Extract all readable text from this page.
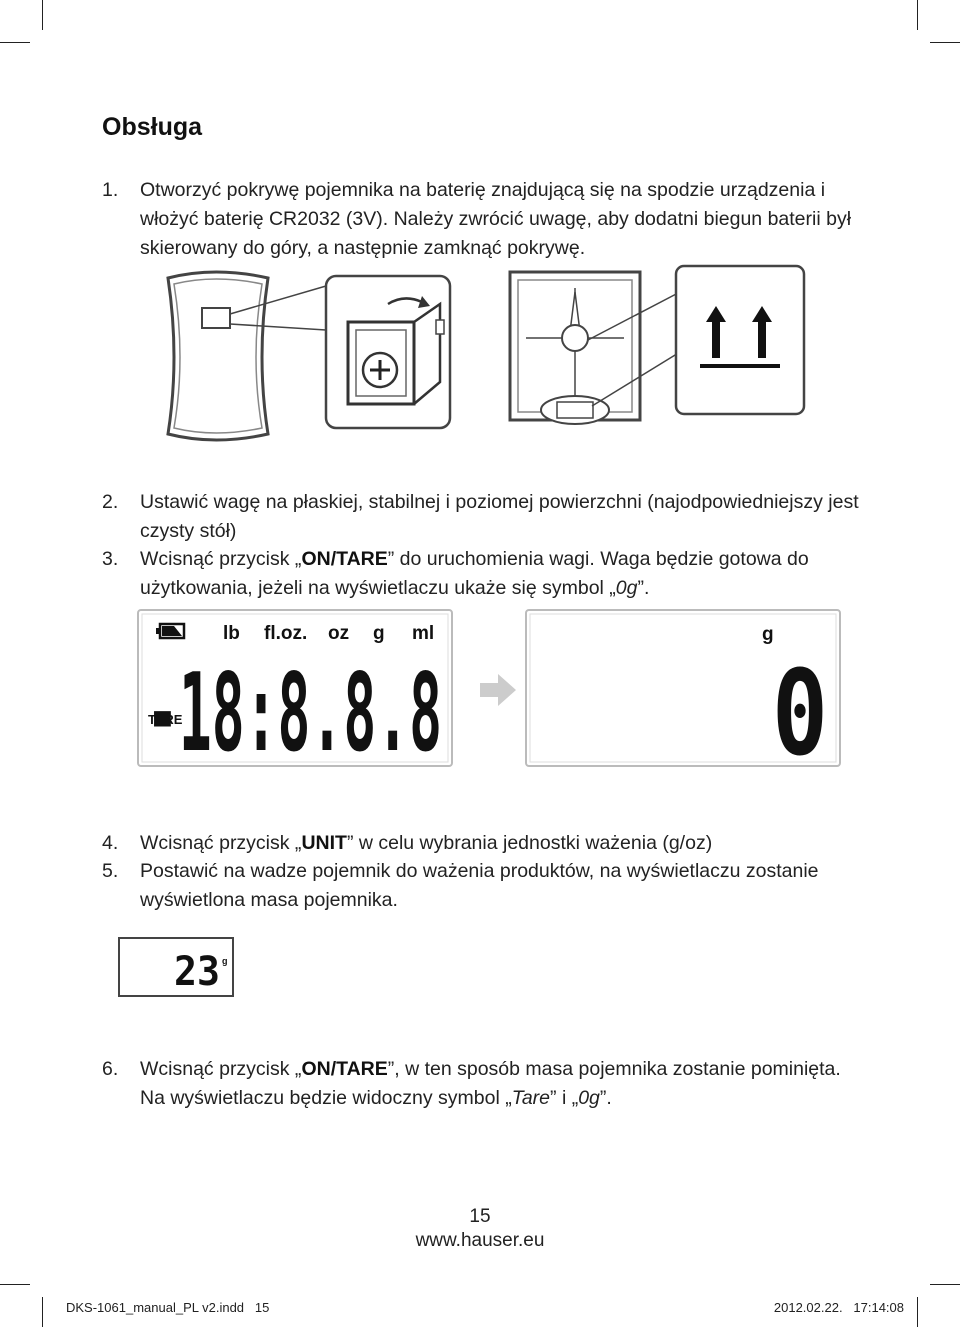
Obsługa
1. Otworzyć pokrywę pojemnika na baterię znajdującą się na spodzie urządzenia i włożyć baterię CR2032 (3V). Należy zwrócić uwagę, aby dodatni biegun baterii był skierowany do góry, a następnie zamknąć pokrywę.
2. Ustawić wagę na płaskiej, stabilnej i poziomej powierzchni (najodpowiedniejszy jest czysty stół)
3. Wcisnąć przycisk „ON/TARE” do uruchomienia wagi. Waga będzie gotowa do użytkowania, jeżeli na wyświetlaczu ukaże się symbol „0g”.
lb fl.oz. oz g ml
TARE
-18:8.8.8
g
0
4. Wcisnąć przycisk „UNIT” w celu wybrania jednostki ważenia (g/oz)
5. Postawić na wadze pojemnik do ważenia produktów, na wyświetlaczu zostanie wyświetlona masa pojemnika.
23 g
6. Wcisnąć przycisk „ON/TARE”, w ten sposób masa pojemnika zostanie pominięta. Na wyświetlaczu będzie widoczny symbol „Tare” i „0g”.
15
www.hauser.eu
DKS-1061_manual_PL v2.indd   15	2012.02.22.   17:14:08
